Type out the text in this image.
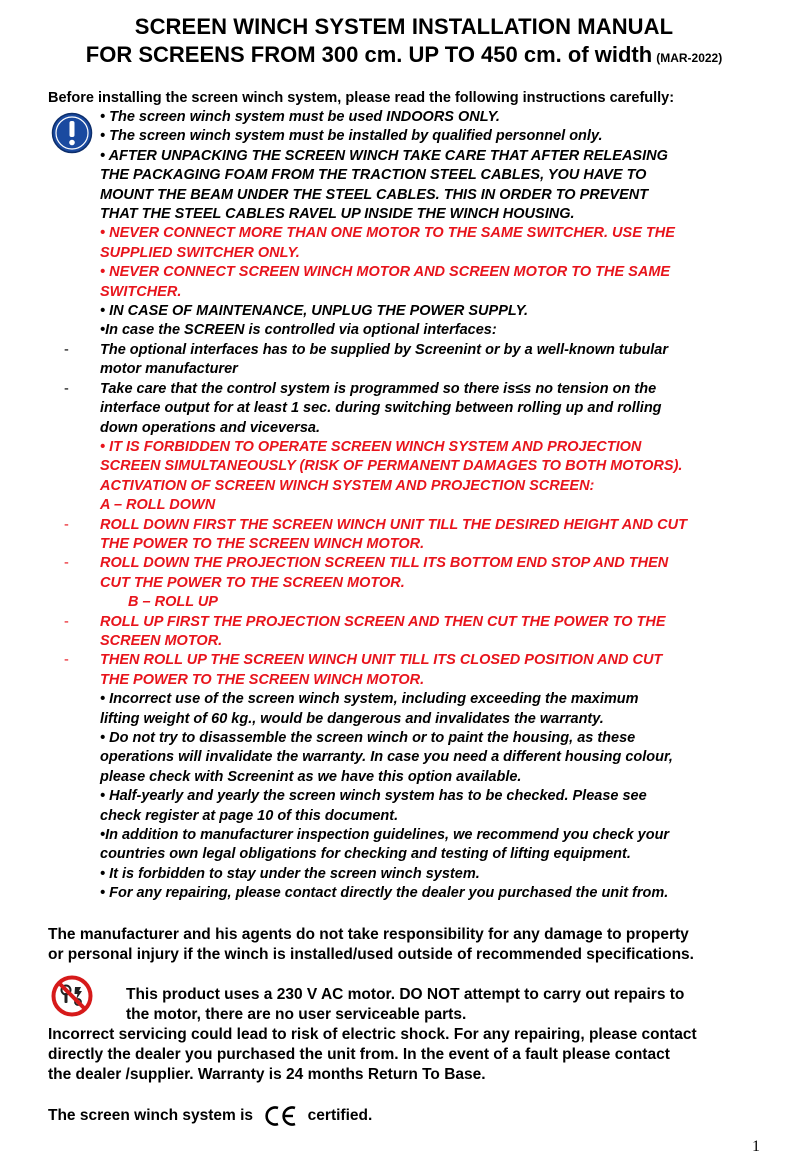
SCREEN WINCH SYSTEM INSTALLATION MANUAL
FOR SCREENS FROM 300 cm. UP TO 450 cm. of width (MAR-2022)
Before installing the screen winch system, please read the following instructions carefully:
• The screen winch system must be used INDOORS ONLY.
• The screen winch system must be installed by qualified personnel only.
• AFTER UNPACKING THE SCREEN WINCH TAKE CARE THAT AFTER RELEASING
THE PACKAGING FOAM FROM THE TRACTION STEEL CABLES, YOU HAVE TO
MOUNT THE BEAM UNDER THE STEEL CABLES. THIS IN ORDER TO PREVENT
THAT THE STEEL CABLES RAVEL UP INSIDE THE WINCH HOUSING.
• NEVER CONNECT MORE THAN ONE MOTOR TO THE SAME SWITCHER. USE THE
SUPPLIED SWITCHER ONLY.
• NEVER CONNECT SCREEN WINCH MOTOR AND SCREEN MOTOR TO THE SAME
SWITCHER.
• IN CASE OF MAINTENANCE, UNPLUG THE POWER SUPPLY.
•In case the SCREEN is controlled via optional interfaces:
- The optional interfaces has to be supplied by Screenint or by a well-known tubular
motor manufacturer
- Take care that the control system is programmed so there is≤s no tension on the
interface output for at least 1 sec. during switching between rolling up and rolling
down operations and viceversa.
• IT IS FORBIDDEN TO OPERATE SCREEN WINCH SYSTEM AND PROJECTION
SCREEN SIMULTANEOUSLY (RISK OF PERMANENT DAMAGES TO BOTH MOTORS).
ACTIVATION OF SCREEN WINCH SYSTEM AND PROJECTION SCREEN:
A – ROLL DOWN
- ROLL DOWN FIRST THE SCREEN WINCH UNIT TILL THE DESIRED HEIGHT AND CUT
THE POWER TO THE SCREEN WINCH MOTOR.
- ROLL DOWN THE PROJECTION SCREEN TILL ITS BOTTOM END STOP AND THEN
CUT THE POWER TO THE SCREEN MOTOR.
B – ROLL UP
- ROLL UP FIRST THE PROJECTION SCREEN AND THEN CUT THE POWER TO THE
SCREEN MOTOR.
- THEN ROLL UP THE SCREEN WINCH UNIT TILL ITS CLOSED POSITION AND CUT
THE POWER TO THE SCREEN WINCH MOTOR.
• Incorrect use of the screen winch system, including exceeding the maximum
lifting weight of 60 kg., would be dangerous and invalidates the warranty.
• Do not try to disassemble the screen winch or to paint the housing, as these
operations will invalidate the warranty. In case you need a different housing colour,
please check with Screenint as we have this option available.
• Half-yearly and yearly the screen winch system has to be checked. Please see
check register at page 10 of this document.
•In addition to manufacturer inspection guidelines, we recommend you check your
countries own legal obligations for checking and testing of lifting equipment.
• It is forbidden to stay under the screen winch system.
• For any repairing, please contact directly the dealer you purchased the unit from.
The manufacturer and his agents do not take responsibility for any damage to property
or personal injury if the winch is installed/used outside of recommended specifications.
This product uses a 230 V AC motor. DO NOT attempt to carry out repairs to
the motor, there are no user serviceable parts.
Incorrect servicing could lead to risk of electric shock. For any repairing, please contact
directly the dealer you purchased the unit from. In the event of a fault please contact
the dealer /supplier. Warranty is 24 months Return To Base.
The screen winch system is	certified.
1
